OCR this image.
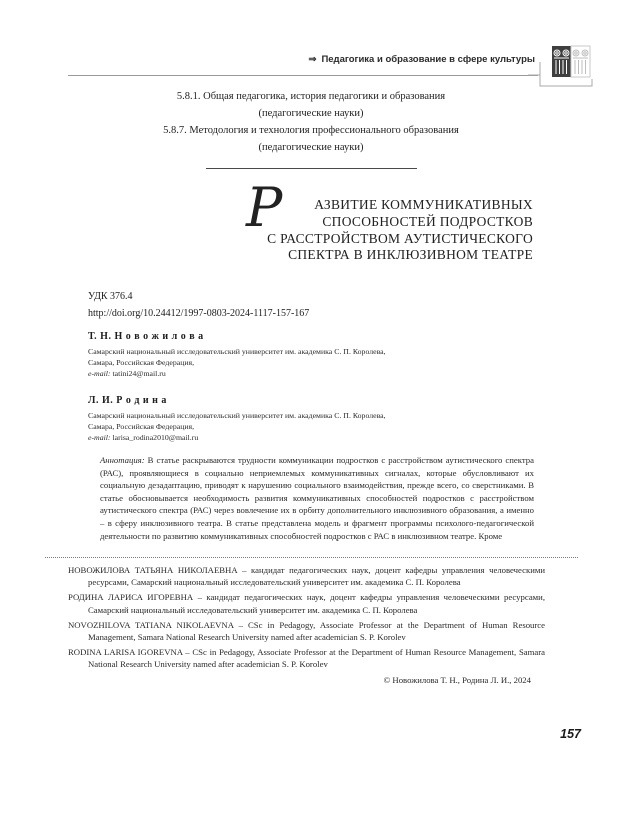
⇒ Педагогика и образование в сфере культуры
5.8.1. Общая педагогика, история педагогики и образования
(педагогические науки)
5.8.7. Методология и технология профессионального образования
(педагогические науки)
Р	АЗВИТИЕ КОММУНИКАТИВНЫХ
СПОСОБНОСТЕЙ ПОДРОСТКОВ
С РАССТРОЙСТВОМ АУТИСТИЧЕСКОГО
СПЕКТРА В ИНКЛЮЗИВНОМ ТЕАТРЕ
УДК 376.4
http://doi.org/10.24412/1997-0803-2024-1117-157-167
Т. Н. Н о в о ж и л о в а
Самарский национальный исследовательский университет им. академика С. П. Королева,
Самара, Российская Федерация,
e-mail: tatini24@mail.ru
Л. И. Р о д и н а
Самарский национальный исследовательский университет им. академика С. П. Королева,
Самара, Российская Федерация,
e-mail: larisa_rodina2010@mail.ru
Аннотация: В статье раскрываются трудности коммуникации подростков с расстройством аутистического спектра (РАС), проявляющиеся в социально неприемлемых коммуникативных сигналах, которые обусловливают их социальную дезадаптацию, приводят к нарушению социального взаимодействия, прежде всего, со сверстниками. В статье обосновывается необходимость развития коммуникативных способностей подростков с расстройством аутистического спектра (РАС) через вовлечение их в орбиту дополнительного инклюзивного образования, а именно – в сферу инклюзивного театра. В статье представлена модель и фрагмент программы психолого-педагогической деятельности по развитию коммуникативных способностей подростков с РАС в инклюзивном театре. Кроме

НОВОЖИЛОВА ТАТЬЯНА НИКОЛАЕВНА – кандидат педагогических наук, доцент кафедры управления человеческими ресурсами, Самарский национальный исследовательский университет им. академика С. П. Королева

РОДИНА ЛАРИСА ИГОРЕВНА – кандидат педагогических наук, доцент кафедры управления человеческими ресурсами, Самарский национальный исследовательский университет им. академика С. П. Королева

NOVOZHILOVA TATIANA NIKOLAEVNA – CSc in Pedagogy, Associate Professor at the Department of Human Resource Management, Samara National Research University named after academician S. P. Korolev

RODINA LARISA IGOREVNA – CSc in Pedagogy, Associate Professor at the Department of Human Resource Management, Samara National Research University named after academician S. P. Korolev

© Новожилова Т. Н., Родина Л. И., 2024

157
